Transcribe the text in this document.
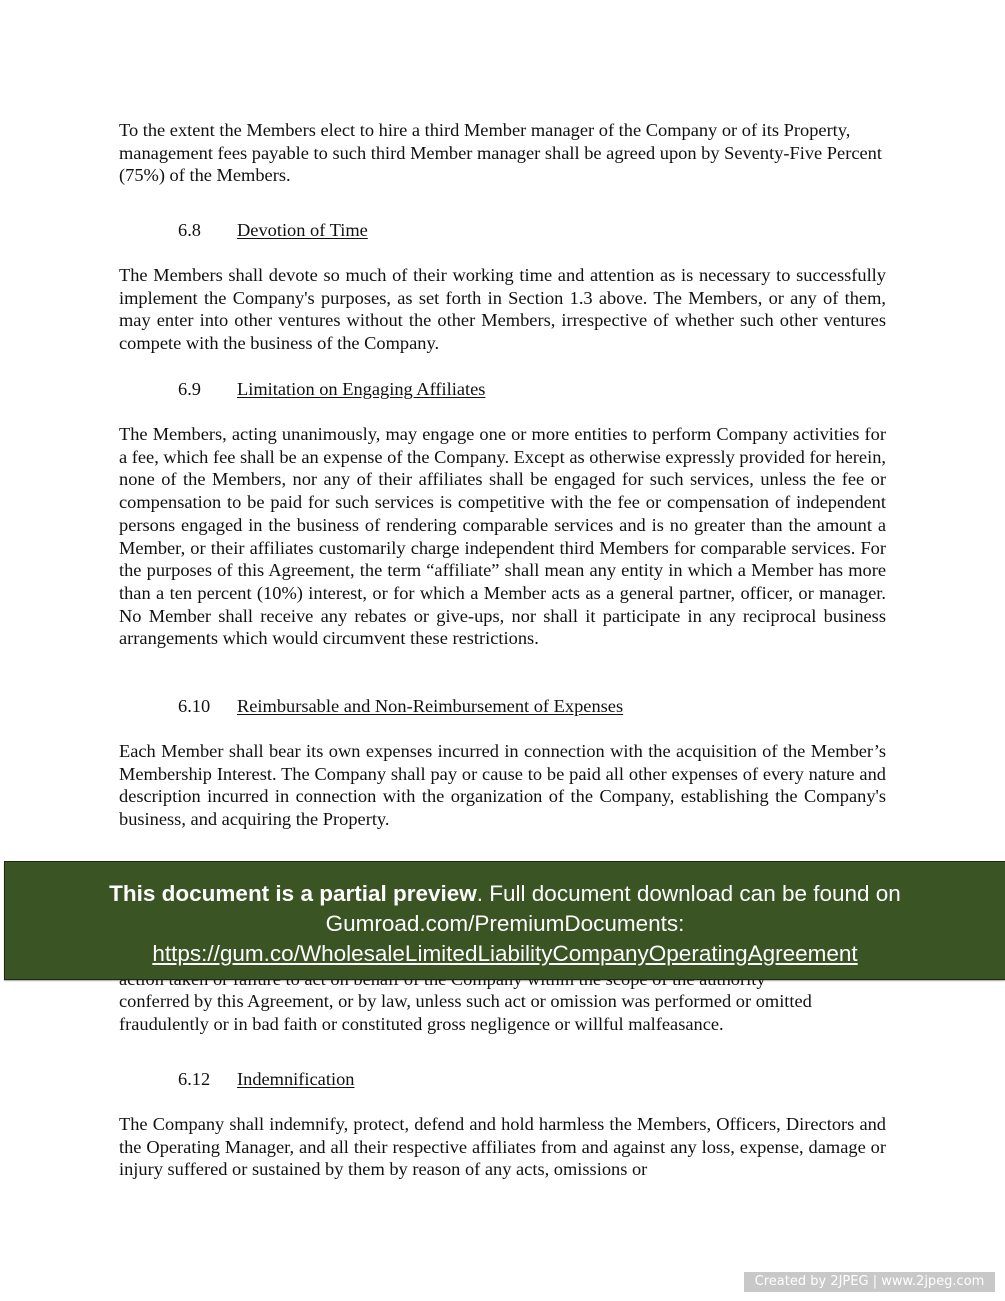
To the extent the Members elect to hire a third Member manager of the Company or of its Property, management fees payable to such third Member manager shall be agreed upon by Seventy-Five Percent (75%) of the Members.

6.8 Devotion of Time

The Members shall devote so much of their working time and attention as is necessary to successfully implement the Company's purposes, as set forth in Section 1.3 above. The Members, or any of them, may enter into other ventures without the other Members, irrespective of whether such other ventures compete with the business of the Company.

6.9 Limitation on Engaging Affiliates

The Members, acting unanimously, may engage one or more entities to perform Company activities for a fee, which fee shall be an expense of the Company. Except as otherwise expressly provided for herein, none of the Members, nor any of their affiliates shall be engaged for such services, unless the fee or compensation to be paid for such services is competitive with the fee or compensation of independent persons engaged in the business of rendering comparable services and is no greater than the amount a Member, or their affiliates customarily charge independent third Members for comparable services. For the purposes of this Agreement, the term “affiliate” shall mean any entity in which a Member has more than a ten percent (10%) interest, or for which a Member acts as a general partner, officer, or manager. No Member shall receive any rebates or give-ups, nor shall it participate in any reciprocal business arrangements which would circumvent these restrictions.

6.10 Reimbursable and Non-Reimbursement of Expenses

Each Member shall bear its own expenses incurred in connection with the acquisition of the Member’s Membership Interest. The Company shall pay or cause to be paid all other expenses of every nature and description incurred in connection with the organization of the Company, establishing the Company's business, and acquiring the Property.

conferred by this Agreement, or by law, unless such act or omission was performed or omitted fraudulently or in bad faith or constituted gross negligence or willful malfeasance.

6.12 Indemnification

The Company shall indemnify, protect, defend and hold harmless the Members, Officers, Directors and the Operating Manager, and all their respective affiliates from and against any loss, expense, damage or injury suffered or sustained by them by reason of any acts, omissions or

This document is a partial preview. Full document download can be found on
Gumroad.com/PremiumDocuments:
https://gum.co/WholesaleLimitedLiabilityCompanyOperatingAgreement
Created by 2JPEG | www.2jpeg.com
